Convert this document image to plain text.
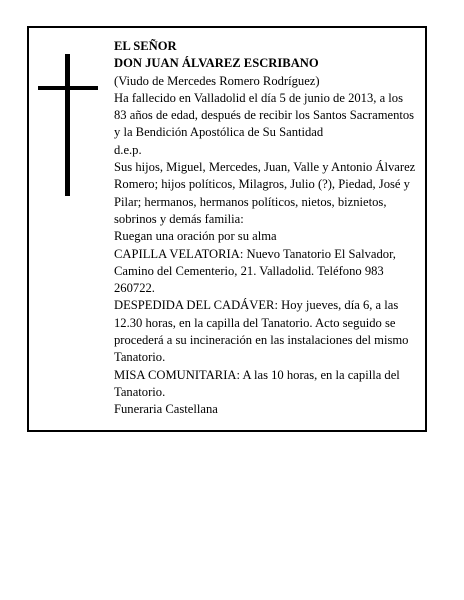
EL SEÑOR
DON JUAN ÁLVAREZ ESCRIBANO
(Viudo de Mercedes Romero Rodríguez)
Ha fallecido en Valladolid el día 5 de junio de 2013, a los 83 años de edad, después de recibir los Santos Sacramentos y la Bendición Apostólica de Su Santidad
d.e.p.
Sus hijos, Miguel, Mercedes, Juan, Valle y Antonio Álvarez Romero; hijos políticos, Milagros, Julio (?), Piedad, José y Pilar; hermanos, hermanos políticos, nietos, biznietos, sobrinos y demás familia:
Ruegan una oración por su alma
CAPILLA VELATORIA: Nuevo Tanatorio El Salvador, Camino del Cementerio, 21. Valladolid. Teléfono 983 260722.
DESPEDIDA DEL CADÁVER: Hoy jueves, día 6, a las 12.30 horas, en la capilla del Tanatorio. Acto seguido se procederá a su incineración en las instalaciones del mismo Tanatorio.
MISA COMUNITARIA: A las 10 horas, en la capilla del Tanatorio.
Funeraria Castellana
